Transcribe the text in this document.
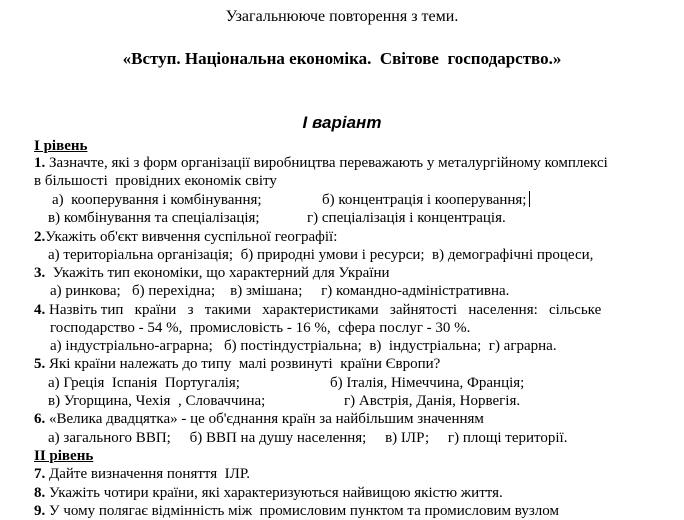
Узагальнююче повторення з теми.
«Вступ. Національна економіка.  Світове  господарство.»
І варіант
І рівень
1. Зазначте, які з форм організації виробництва переважають у металургійному комплексі
в більшості  провідних економік світу
а)  кооперування і комбінування;	б) концентрація і кооперування;
в) комбінування та спеціалізація;	г) спеціалізація і концентрація.
2.Укажіть об'єкт вивчення суспільної географії:
а) територіальна організація;  б) природні умови і ресурси;  в) демографічні процеси,
3.  Укажіть тип економіки, що характерний для України
а) ринкова;   б) перехідна;    в) змішана;     г) командно-адміністративна.
4. Назвіть тип   країни   з   такими   характеристиками   зайнятості   населення:   сільське
господарство - 54 %,  промисловість - 16 %,  сфера послуг - 30 %.
а) індустріально-аграрна;   б) постіндустріальна;  в)  індустріальна;  г) аграрна.
5. Які країни належать до типу  малі розвинуті  країни Європи?
а) Греція  Іспанія  Португалія;	б) Італія, Німеччина, Франція;
в) Угорщина, Чехія  , Словаччина;	г) Австрія, Данія, Норвегія.
6. «Велика двадцятка» - це об'єднання країн за найбільшим значенням
а) загального ВВП;     б) ВВП на душу населення;     в) ІЛР;     г) площі території.
ІІ рівень
7. Дайте визначення поняття  ІЛР.
8. Укажіть чотири країни, які характеризуються найвищою якістю життя.
9. У чому полягає відмінність між  промисловим пунктом та промисловим вузлом
